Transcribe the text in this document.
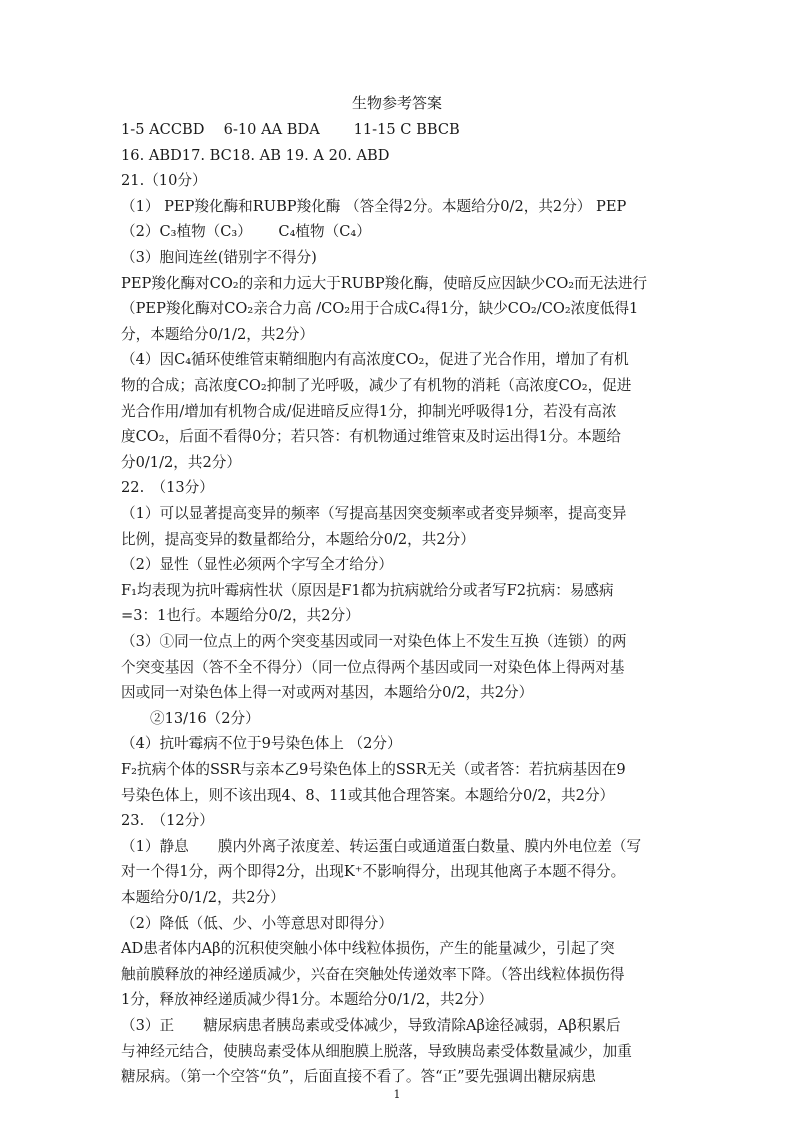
生物参考答案
1-5 ACCBD　 6-10 AA BDA　　 11-15 C BBCB
16. ABD17. BC18. AB 19. A 20. ABD
21.（10分）
（1） PEP羧化酶和RUBP羧化酶 （答全得2分。本题给分0/2，共2分） PEP
（2）C₃植物（C₃）　　 C₄植物（C₄）
（3）胞间连丝(错别字不得分)
PEP羧化酶对CO₂的亲和力远大于RUBP羧化酶，使暗反应因缺少CO₂而无法进行
（PEP羧化酶对CO₂亲合力高 /CO₂用于合成C₄得1分，缺少CO₂/CO₂浓度低得1
分，本题给分0/1/2，共2分）
（4）因C₄循环使维管束鞘细胞内有高浓度CO₂，促进了光合作用，增加了有机
物的合成；高浓度CO₂抑制了光呼吸，减少了有机物的消耗（高浓度CO₂，促进
光合作用/增加有机物合成/促进暗反应得1分，抑制光呼吸得1分，若没有高浓
度CO₂，后面不看得0分；若只答：有机物通过维管束及时运出得1分。本题给
分0/1/2，共2分）
22.　（13分）
（1）可以显著提高变异的频率（写提高基因突变频率或者变异频率，提高变异
比例，提高变异的数量都给分，本题给分0/2，共2分）
（2）显性（显性必须两个字写全才给分）
F₁均表现为抗叶霉病性状（原因是F1都为抗病就给分或者写F2抗病：易感病
=3：1也行。本题给分0/2，共2分）
（3）①同一位点上的两个突变基因或同一对染色体上不发生互换（连锁）的两
个突变基因（答不全不得分）（同一位点得两个基因或同一对染色体上得两对基
因或同一对染色体上得一对或两对基因，本题给分0/2，共2分）
②13/16（2分）
（4）抗叶霉病不位于9号染色体上 （2分）
F₂抗病个体的SSR与亲本乙9号染色体上的SSR无关（或者答：若抗病基因在9
号染色体上，则不该出现4、8、11或其他合理答案。本题给分0/2，共2分）
23.　（12分）
（1）静息　　膜内外离子浓度差、转运蛋白或通道蛋白数量、膜内外电位差（写
对一个得1分，两个即得2分，出现K⁺不影响得分，出现其他离子本题不得分。
本题给分0/1/2，共2分）
（2）降低（低、少、小等意思对即得分）
AD患者体内Aβ的沉积使突触小体中线粒体损伤，产生的能量减少，引起了突
触前膜释放的神经递质减少，兴奋在突触处传递效率下降。（答出线粒体损伤得
1分，释放神经递质减少得1分。本题给分0/1/2，共2分）
（3）正　　糖尿病患者胰岛素或受体减少，导致清除Aβ途径减弱，Aβ积累后
与神经元结合，使胰岛素受体从细胞膜上脱落，导致胰岛素受体数量减少，加重
糖尿病。（第一个空答“负”，后面直接不看了。答“正”要先强调出糖尿病患
1
